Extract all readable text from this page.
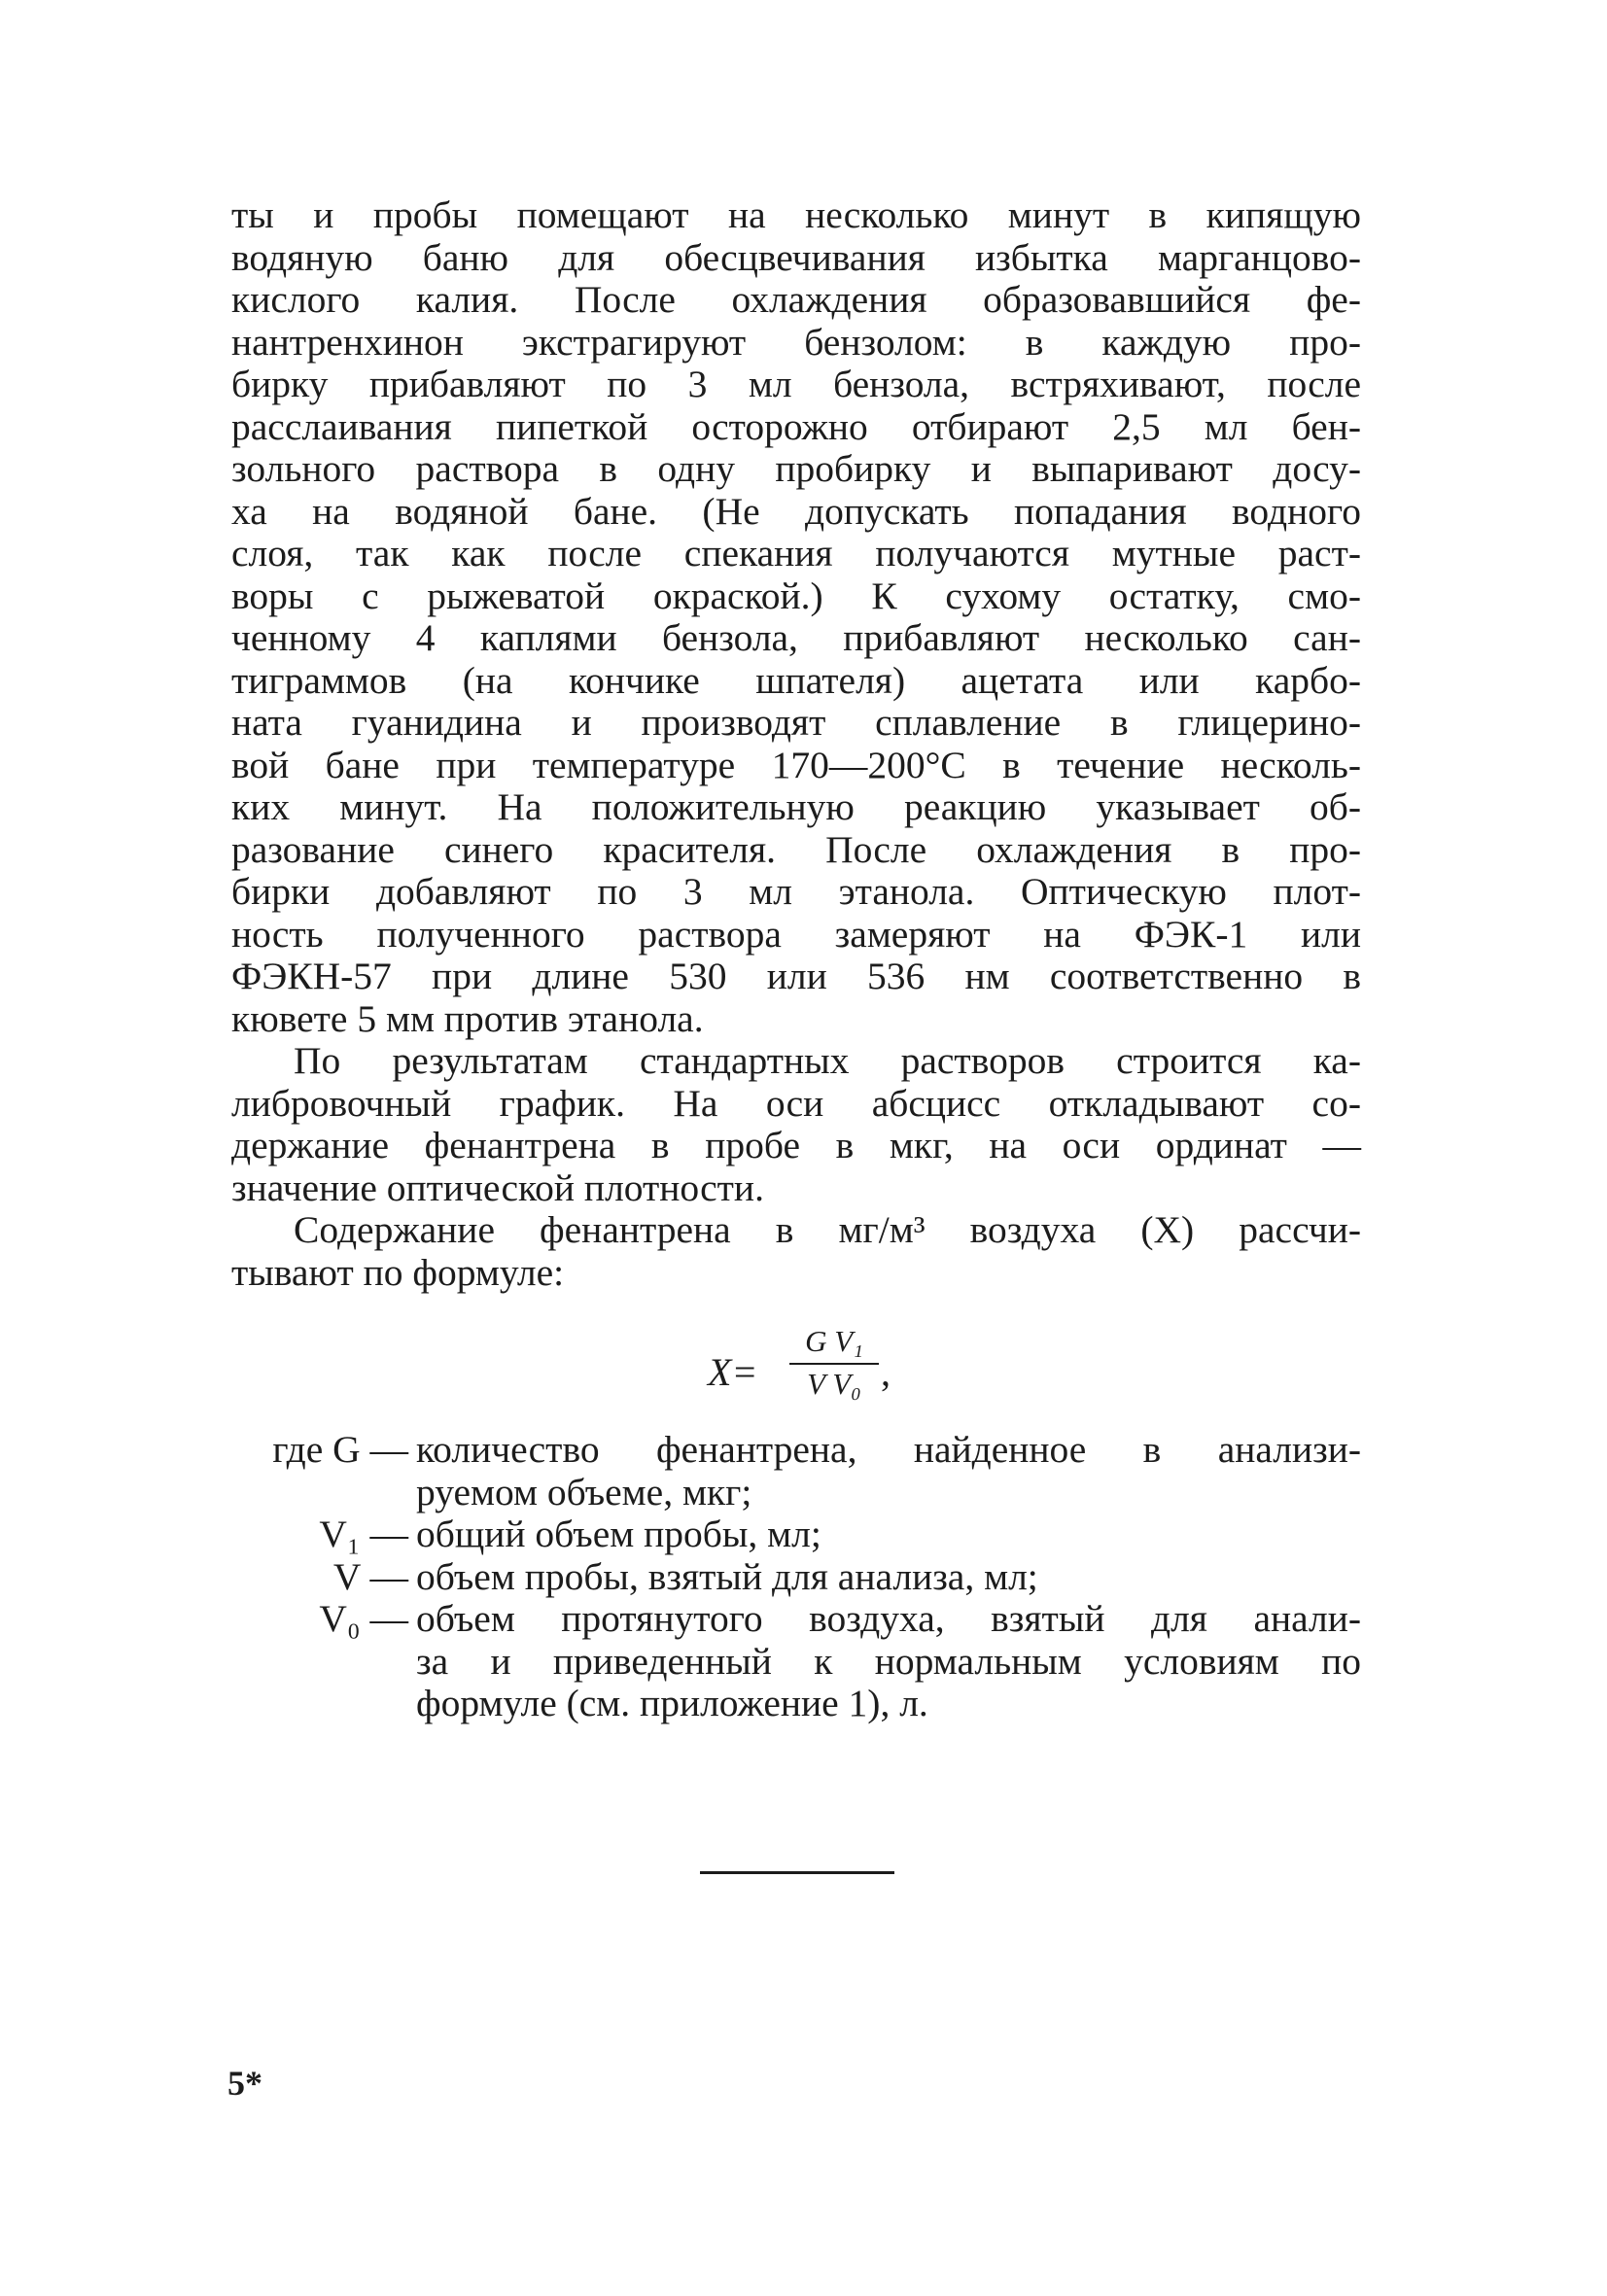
ты и пробы помещают на несколько минут в кипящую
водяную баню для обесцвечивания избытка марганцово-
кислого калия. После охлаждения образовавшийся фе-
нантренхинон экстрагируют бензолом: в каждую про-
бирку прибавляют по 3 мл бензола, встряхивают, после
расслаивания пипеткой осторожно отбирают 2,5 мл бен-
зольного раствора в одну пробирку и выпаривают досу-
ха на водяной бане. (Не допускать попадания водного
слоя, так как после спекания получаются мутные раст-
воры с рыжеватой окраской.) К сухому остатку, смо-
ченному 4 каплями бензола, прибавляют несколько сан-
тиграммов (на кончике шпателя) ацетата или карбо-
ната гуанидина и производят сплавление в глицерино-
вой бане при температуре 170—200°С в течение несколь-
ких минут. На положительную реакцию указывает об-
разование синего красителя. После охлаждения в про-
бирки добавляют по 3 мл этанола. Оптическую плот-
ность полученного раствора замеряют на ФЭК-1 или
ФЭКН-57 при длине 530 или 536 нм соответственно в
кювете 5 мм против этанола.
По результатам стандартных растворов строится ка-
либровочный график. На оси абсцисс откладывают со-
держание фенантрена в пробе в мкг, на оси ординат —
значение оптической плотности.
Содержание фенантрена в мг/м³ воздуха (X) рассчи-
тывают по формуле:
X=
G V₁
V V₀ ,
где G — количество фенантрена, найденное в анализи-
руемом объеме, мкг;
V₁ — общий объем пробы, мл;
V — объем пробы, взятый для анализа, мл;
V₀ — объем протянутого воздуха, взятый для анали-
за и приведенный к нормальным условиям по
формуле (см. приложение 1), л.
5*
